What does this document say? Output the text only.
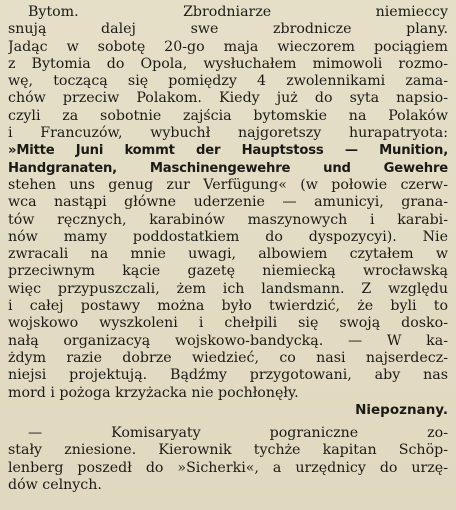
Bytom. Zbrodniarze niemieccy
snują dalej swe zbrodnicze plany.
Jadąc w sobotę 20-go maja wieczorem pociągiem
z Bytomia do Opola, wysłuchałem mimowoli rozmo-
wę, toczącą się pomiędzy 4 zwolennikami zama-
chów przeciw Polakom. Kiedy już do syta napsio-
czyli za sobotnie zajścia bytomskie na Polaków
i Francuzów, wybuchł najgoretszy hurapatryota:
»Mitte Juni kommt der Hauptstoss — Munition,
Handgranaten, Maschinengewehre und Gewehre
stehen uns genug zur Verfügung« (w połowie czerw-
wca nastąpi główne uderzenie — amunicyi, grana-
tów ręcznych, karabinów maszynowych i karabi-
nów mamy poddostatkiem do dyspozycyi). Nie
zwracali na mnie uwagi, albowiem czytałem w
przeciwnym kącie gazetę niemiecką wrocławską
więc przypuszczali, żem ich landsmann. Z względu
i całej postawy można było twierdzić, że byli to
wojskowo wyszkoleni i chełpili się swoją dosko-
nałą organizacyą wojskowo-bandycką. — W ka-
żdym razie dobrze wiedzieć, co nasi najserdecz-
niejsi projektują. Bądźmy przygotowani, aby nas
mord i pożoga krzyżacka nie pochłonęły.
Niepoznany.
— Komisaryaty pograniczne zo-
stały zniesione. Kierownik tychże kapitan Schöp-
lenberg poszedł do »Sicherki«, a urzędnicy do urzę-
dów celnych.
